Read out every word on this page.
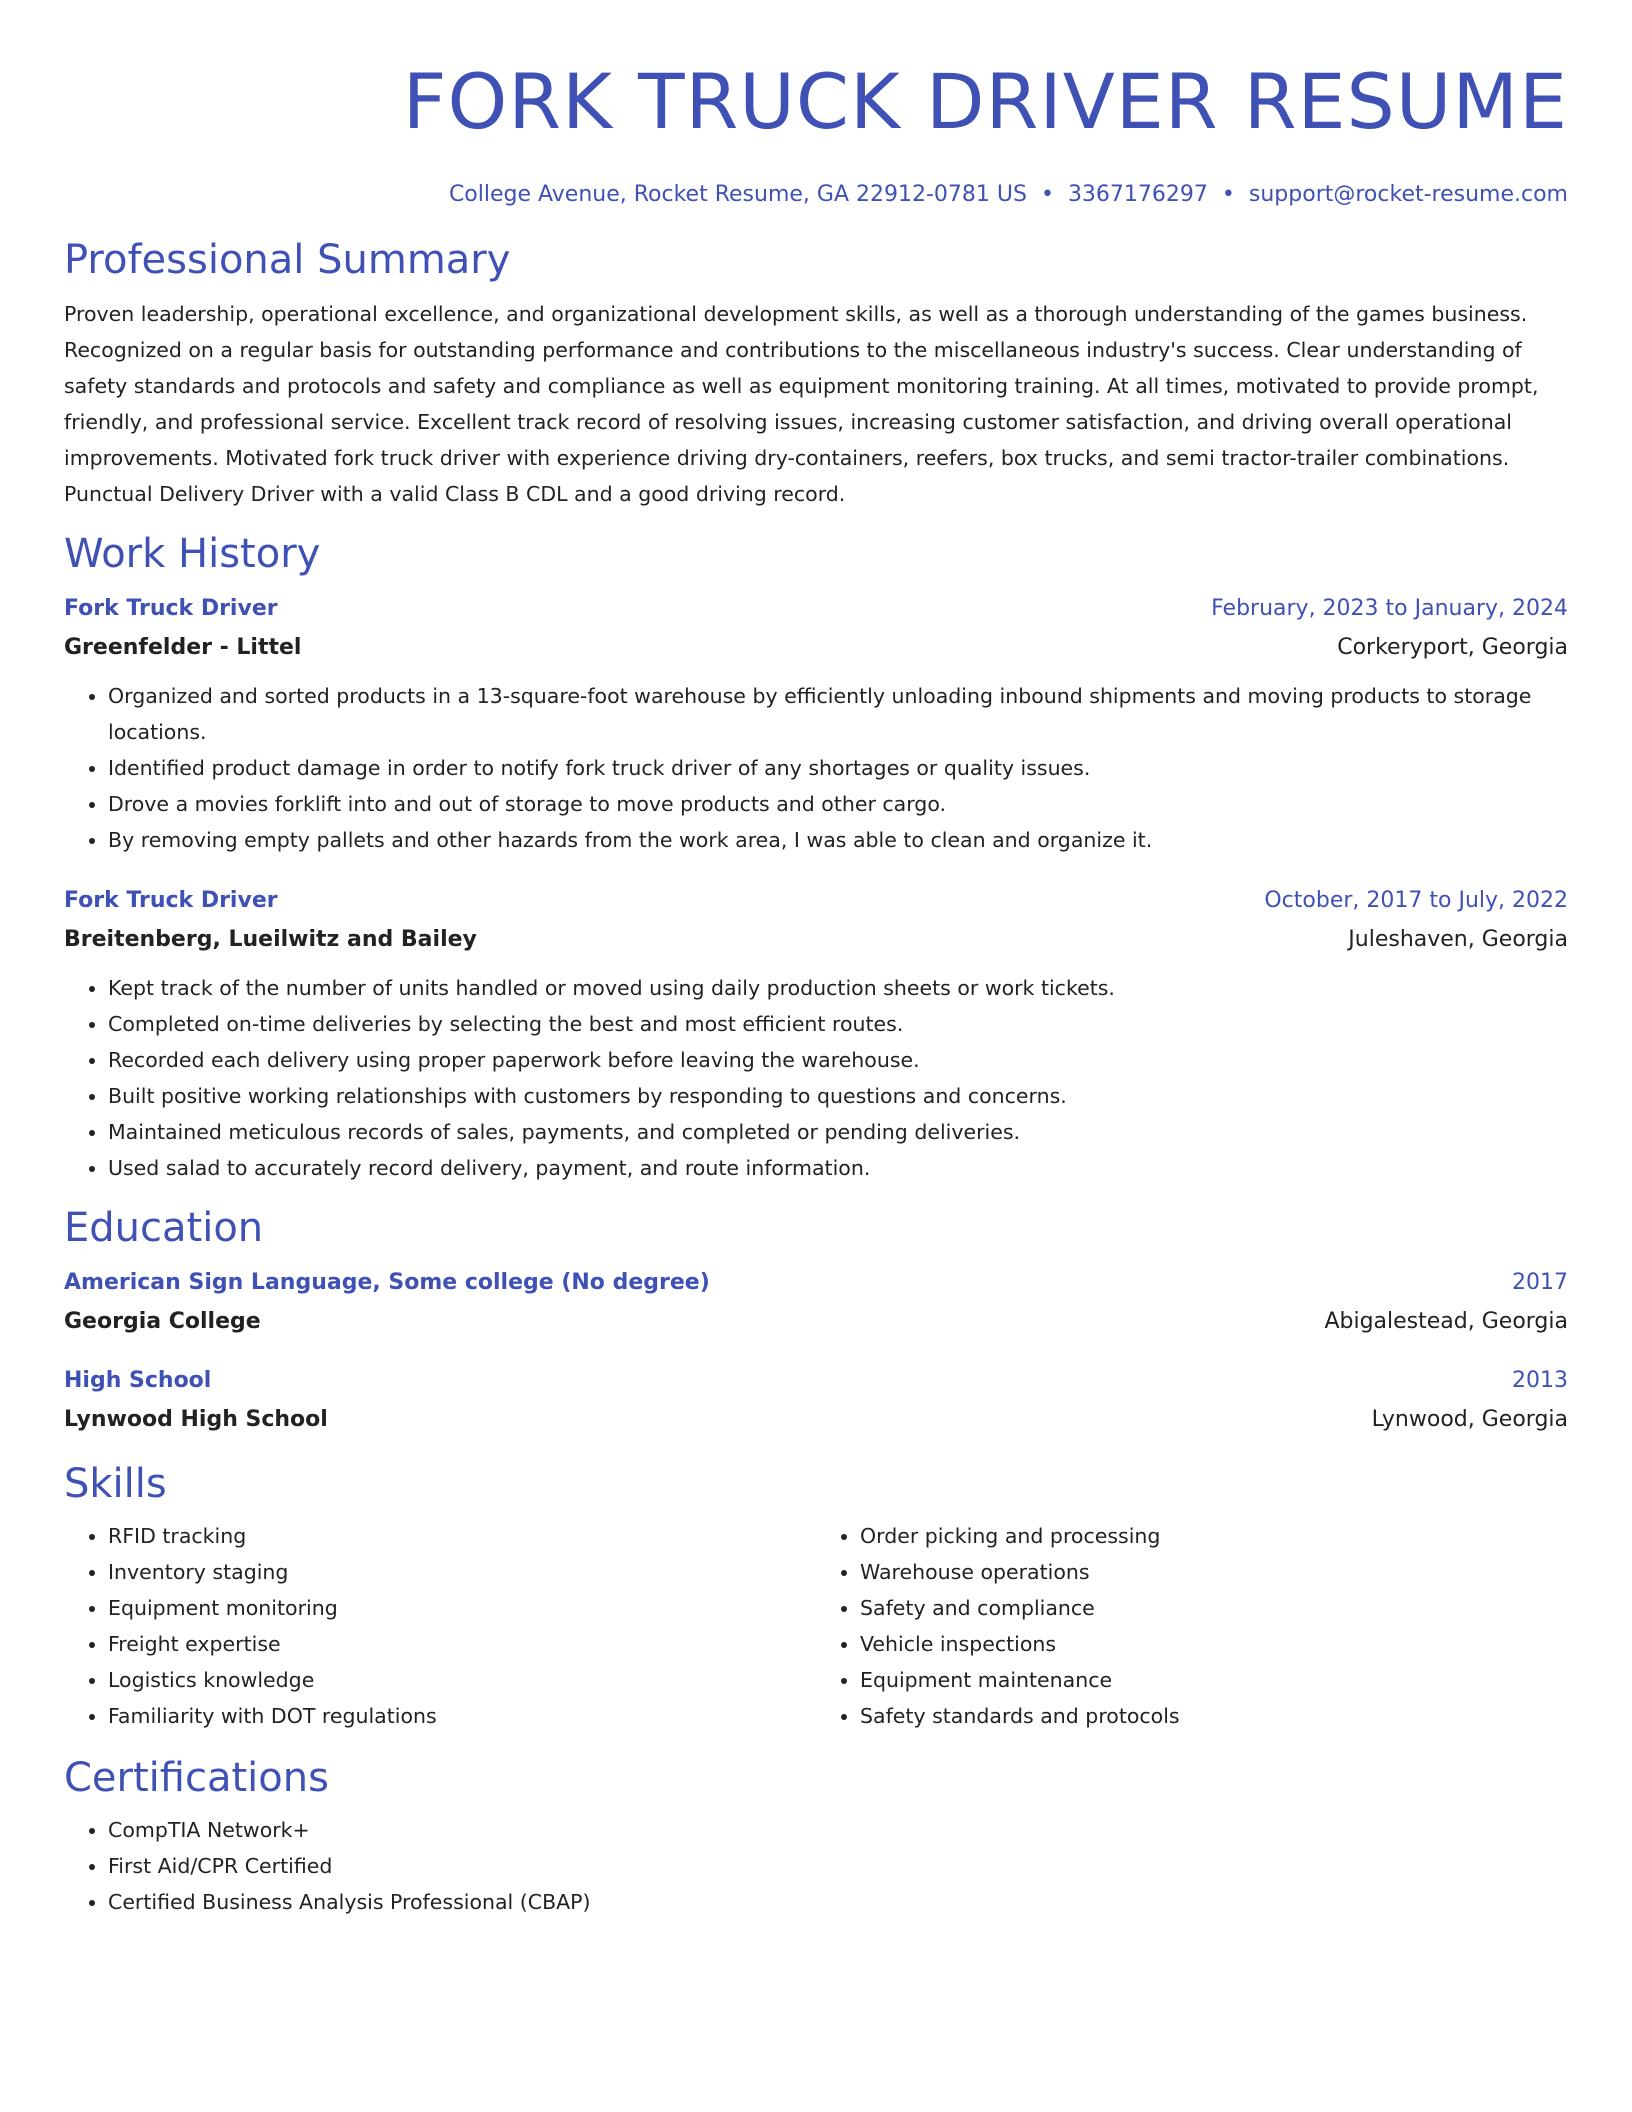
FORK TRUCK DRIVER RESUME
College Avenue, Rocket Resume, GA 22912-0781 US • 3367176297 • support@rocket-resume.com
Professional Summary

Proven leadership, operational excellence, and organizational development skills, as well as a thorough understanding of the games business. Recognized on a regular basis for outstanding performance and contributions to the miscellaneous industry's success. Clear understanding of safety standards and protocols and safety and compliance as well as equipment monitoring training. At all times, motivated to provide prompt, friendly, and professional service. Excellent track record of resolving issues, increasing customer satisfaction, and driving overall operational improvements. Motivated fork truck driver with experience driving dry-containers, reefers, box trucks, and semi tractor-trailer combinations. Punctual Delivery Driver with a valid Class B CDL and a good driving record.

Work History
Fork Truck Driver	February, 2023 to January, 2024
Greenfelder - Littel	Corkeryport, Georgia
• Organized and sorted products in a 13-square-foot warehouse by efficiently unloading inbound shipments and moving products to storage locations.
• Identified product damage in order to notify fork truck driver of any shortages or quality issues.
• Drove a movies forklift into and out of storage to move products and other cargo.
• By removing empty pallets and other hazards from the work area, I was able to clean and organize it.
Fork Truck Driver	October, 2017 to July, 2022
Breitenberg, Lueilwitz and Bailey	Juleshaven, Georgia
• Kept track of the number of units handled or moved using daily production sheets or work tickets.
• Completed on-time deliveries by selecting the best and most efficient routes.
• Recorded each delivery using proper paperwork before leaving the warehouse.
• Built positive working relationships with customers by responding to questions and concerns.
• Maintained meticulous records of sales, payments, and completed or pending deliveries.
• Used salad to accurately record delivery, payment, and route information.
Education
American Sign Language, Some college (No degree)	2017
Georgia College	Abigalestead, Georgia
High School	2013
Lynwood High School	Lynwood, Georgia
Skills
• RFID tracking
• Inventory staging
• Equipment monitoring
• Freight expertise
• Logistics knowledge
• Familiarity with DOT regulations
• Order picking and processing
• Warehouse operations
• Safety and compliance
• Vehicle inspections
• Equipment maintenance
• Safety standards and protocols
Certifications
• CompTIA Network+
• First Aid/CPR Certified
• Certified Business Analysis Professional (CBAP)
